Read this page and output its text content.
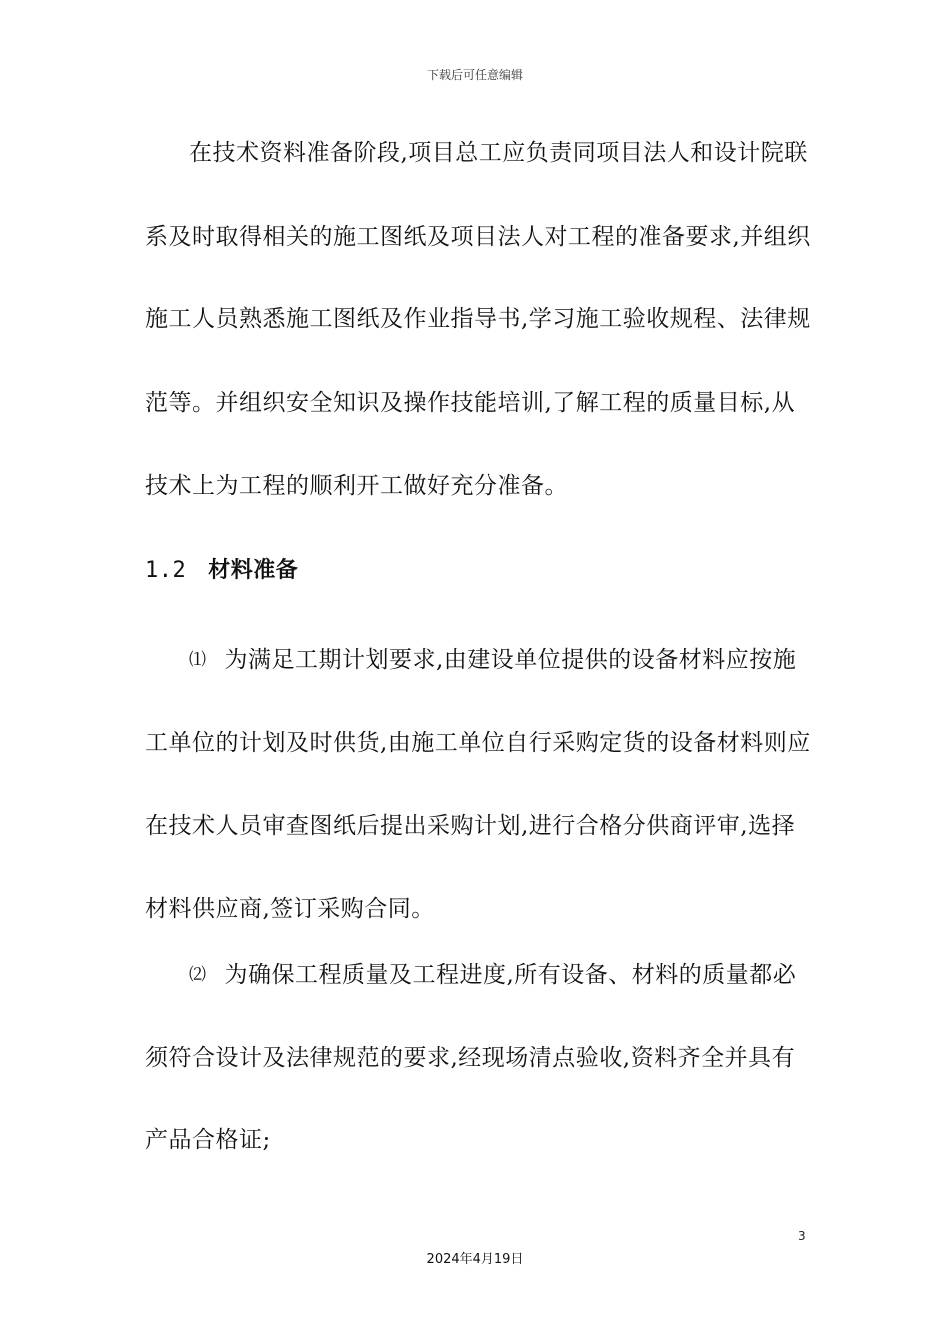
下载后可任意编辑
在技术资料准备阶段,项目总工应负责同项目法人和设计院联
系及时取得相关的施工图纸及项目法人对工程的准备要求,并组织
施工人员熟悉施工图纸及作业指导书,学习施工验收规程、法律规
范等。并组织安全知识及操作技能培训,了解工程的质量目标,从
技术上为工程的顺利开工做好充分准备。
1.2 材料准备
⑴ 为满足工期计划要求,由建设单位提供的设备材料应按施
工单位的计划及时供货,由施工单位自行采购定货的设备材料则应
在技术人员审查图纸后提出采购计划,进行合格分供商评审,选择
材料供应商,签订采购合同。
⑵ 为确保工程质量及工程进度,所有设备、材料的质量都必
须符合设计及法律规范的要求,经现场清点验收,资料齐全并具有
产品合格证;
3
2024年4月19日
